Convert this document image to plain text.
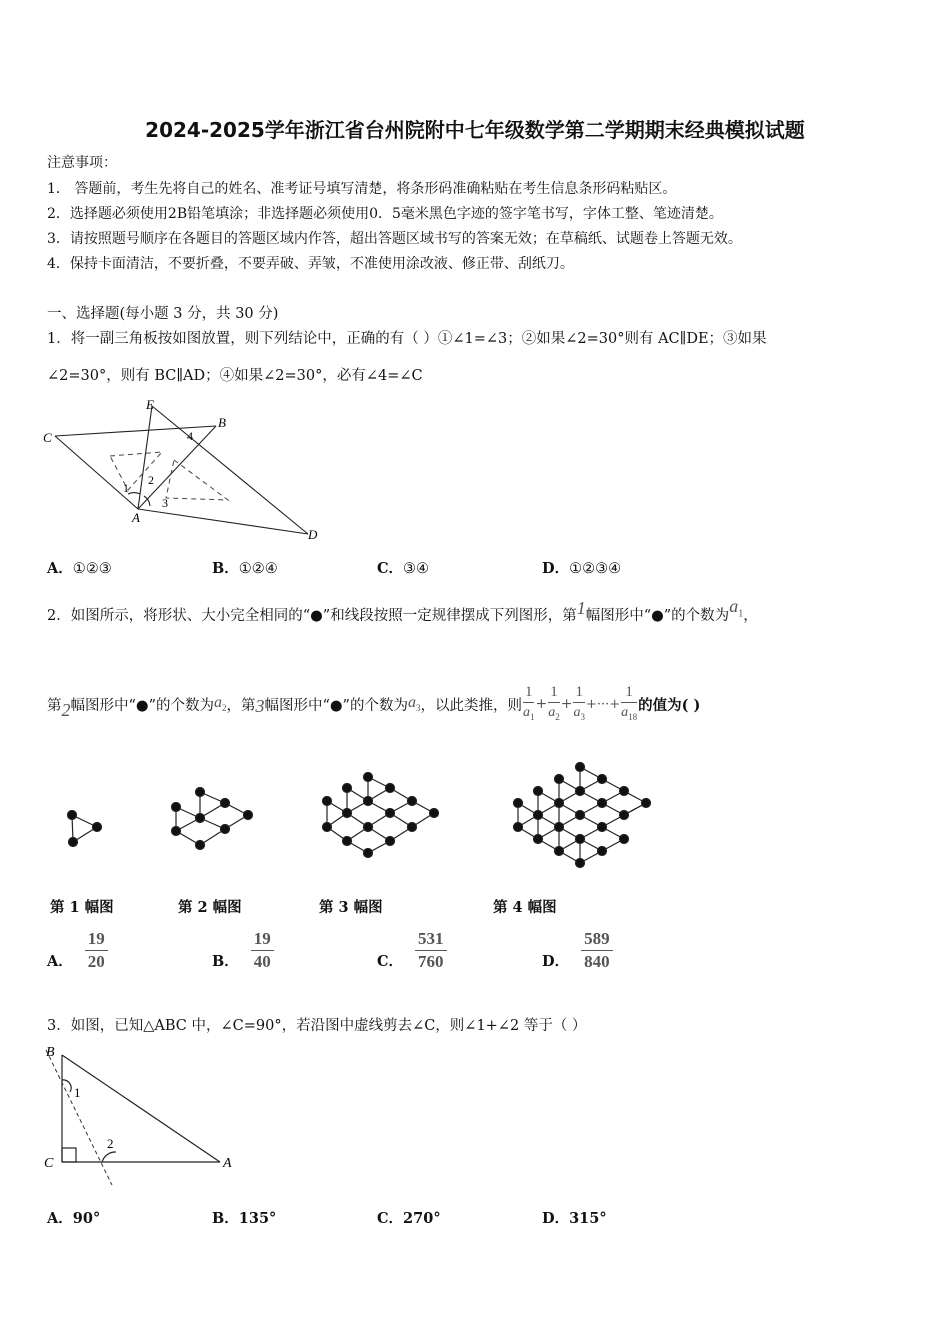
2024-2025学年浙江省台州院附中七年级数学第二学期期末经典模拟试题
注意事项：
1． 答题前，考生先将自己的姓名、准考证号填写清楚，将条形码准确粘贴在考生信息条形码粘贴区。
2．选择题必须使用2B铅笔填涂；非选择题必须使用0．5毫米黑色字迹的签字笔书写，字体工整、笔迹清楚。
3．请按照题号顺序在各题目的答题区域内作答，超出答题区域书写的答案无效；在草稿纸、试题卷上答题无效。
4．保持卡面清洁，不要折叠，不要弄破、弄皱，不准使用涂改液、修正带、刮纸刀。
一、选择题(每小题 3 分，共 30 分)
1．将一副三角板按如图放置，则下列结论中，正确的有（ ）①∠1=∠3；②如果∠2=30°则有 AC∥DE；③如果
∠2=30°，则有 BC∥AD；④如果∠2=30°，必有∠4=∠C
E
B
C
A
D
1
2
3
4
A．①②③	B．①②④	C．③④	D．①②③④
2．如图所示，将形状、大小完全相同的“●”和线段按照一定规律摆成下列图形，第1幅图形中“●”的个数为$a_1$，
第 2 幅图形中“●”的个数为 $a_2$ ，第 3 幅图形中“●”的个数为 $a_3$ ，以此类推，则
1
$a_1$
+ $\frac{1}{a_2} + \frac{1}{a_3}$ +···+ $\frac{1}{a_{18}}$ 的值为( )
第 1 幅图	第 2 幅图	第 3 幅图	第 4 幅图
A． $\frac{19}{20}$	B． $\frac{19}{40}$	C． $\frac{531}{760}$	D． $\frac{589}{840}$
3．如图，已知△ABC 中，∠C=90°，若沿图中虚线剪去∠C，则∠1+∠2 等于（ ）
B
C	A
1
2
A．90°	B．135°	C．270°	D．315°
